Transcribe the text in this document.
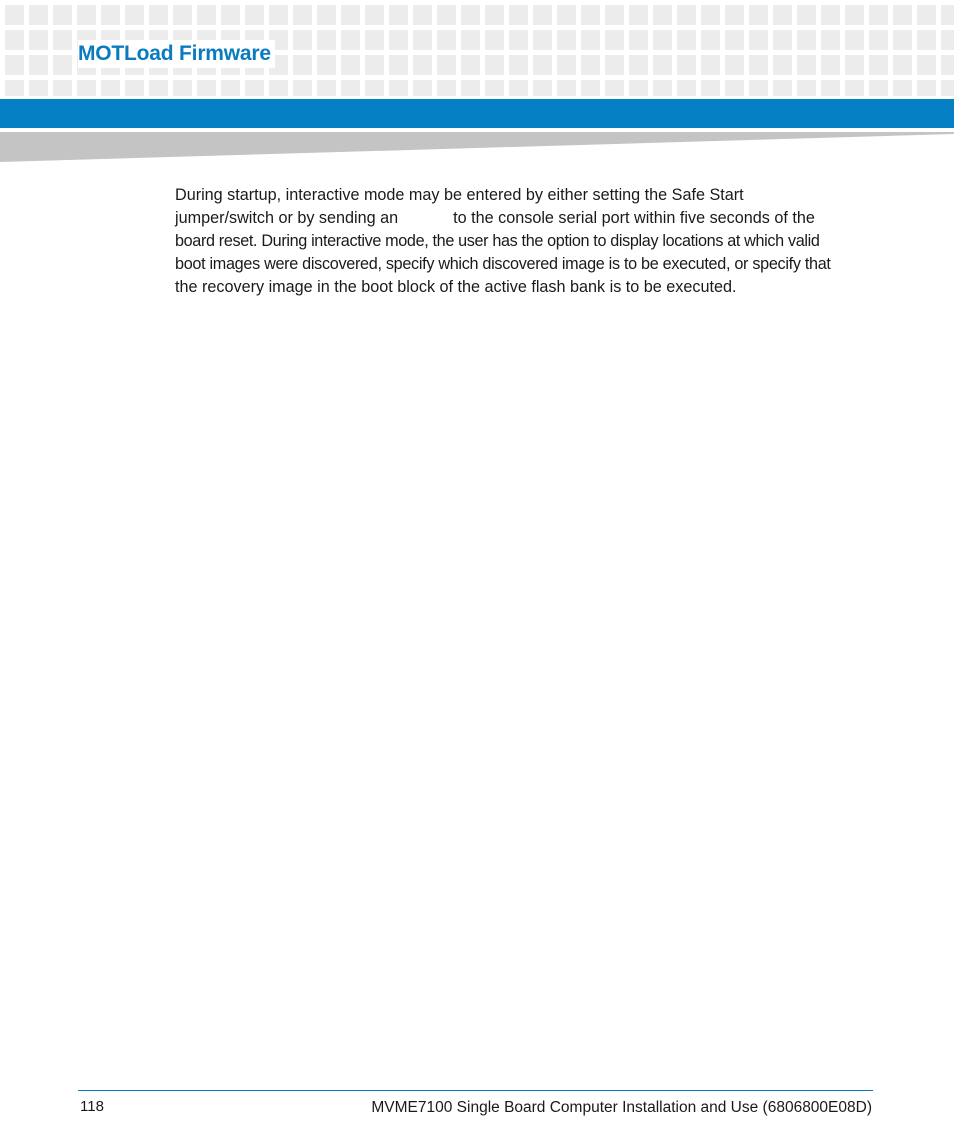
MOTLoad Firmware

During startup, interactive mode may be entered by either setting the Safe Start
jumper/switch or by sending an	to the console serial port within five seconds of the
board reset. During interactive mode, the user has the option to display locations at which valid
boot images were discovered, specify which discovered image is to be executed, or specify that
the recovery image in the boot block of the active flash bank is to be executed.

118	MVME7100 Single Board Computer Installation and Use (6806800E08D)
